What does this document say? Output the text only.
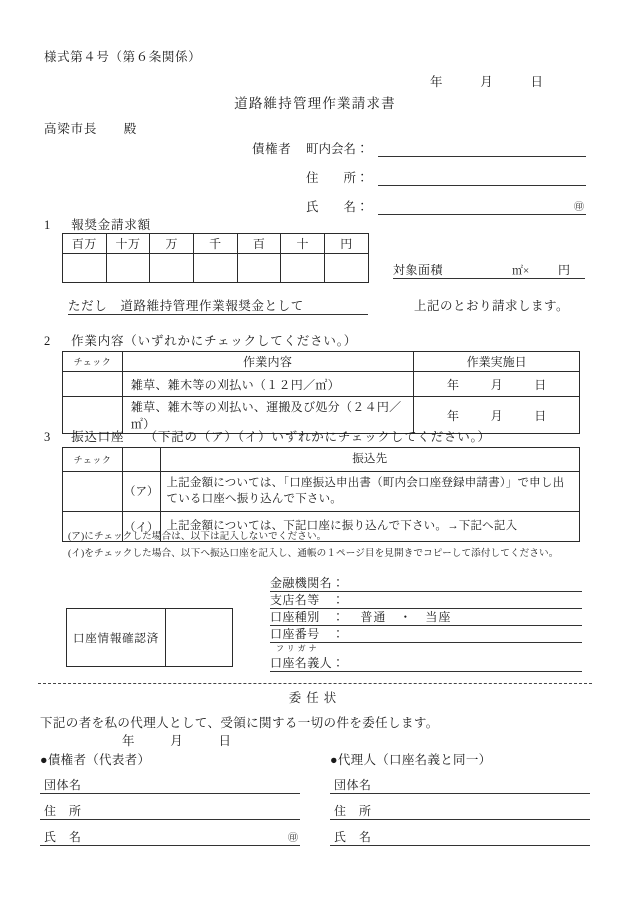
様式第４号（第６条関係）
年	月	日
道路維持管理作業請求書
高梁市長　　殿
債権者 町内会名：
住　　所：
氏　　名：	㊞
1 報奨金請求額
百万	十万	万	千	百	十	円

対象面積	㎡× 円
ただし　道路維持管理作業報奨金として	上記のとおり請求します。
2 作業内容（いずれかにチェックしてください。）
チェック	作業内容	作業実施日
	雑草、雑木等の刈払い（１２円／㎡）	年 月 日

	雑草、雑木等の刈払い、運搬及び処分（２４円／㎡）	年 月 日
3 振込口座　　（下記の（ア）（イ）いずれかにチェックしてください。）
チェック		振込先
	（ア）	上記金額については、「口座振込申出書（町内会口座登録申請書）」で申し出ている口座へ振り込んで下さい。
	（イ）	上記金額については、下記口座に振り込んで下さい。→下記へ記入
(ア)にチェックした場合は、以下は記入しないでください。
(イ)をチェックした場合、以下へ振込口座を記入し、通帳の１ページ目を見開きでコピーして添付してください。
口座情報確認済	
金融機関名：
支店名等　：
口座種別　：	普通　・　当座
口座番号　：
フリガナ
口座名義人：
委任状
下記の者を私の代理人として、受領に関する一切の件を委任します。
年	月	日
●債権者（代表者）
団体名
住　所
氏　名	㊞
●代理人（口座名義と同一）
団体名
住　所
氏　名
